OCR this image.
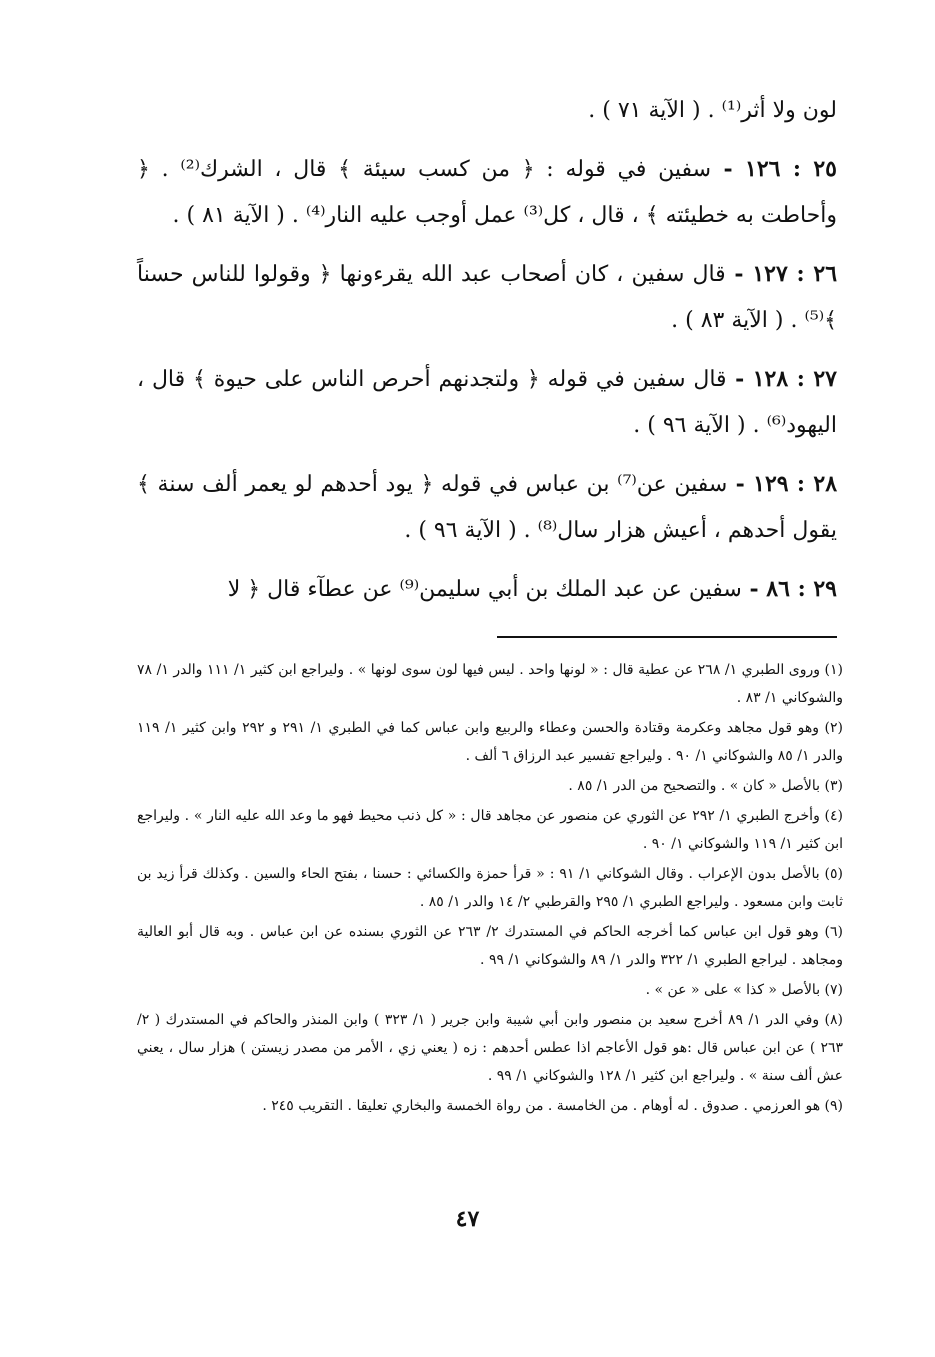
لون ولا أثر⁽¹⁾ . ( الآية ٧١ ) .

٢٥ : ١٢٦ - سفين في قوله : ﴿ من كسب سيئة ﴾ قال ، الشرك⁽²⁾ . ﴿ وأحاطت به خطيئته ﴾ ، قال ، كل⁽³⁾ عمل أوجب عليه النار⁽⁴⁾ . ( الآية ٨١ ) .

٢٦ : ١٢٧ - قال سفين ، كان أصحاب عبد الله يقرءونها ﴿ وقولوا للناس حسناً ﴾⁽⁵⁾ . ( الآية ٨٣ ) .

٢٧ : ١٢٨ - قال سفين في قوله ﴿ ولتجدنهم أحرص الناس على حيوة ﴾ قال ، اليهود⁽⁶⁾ . ( الآية ٩٦ ) .

٢٨ : ١٢٩ - سفين عن⁽⁷⁾ بن عباس في قوله ﴿ يود أحدهم لو يعمر ألف سنة ﴾ يقول أحدهم ، أعيش هزار سال⁽⁸⁾ . ( الآية ٩٦ ) .

٢٩ : ٨٦ - سفين عن عبد الملك بن أبي سليمن⁽⁹⁾ عن عطآء قال ﴿ لا

(١) وروى الطبري ١/ ٢٦٨ عن عطية قال : « لونها واحد . ليس فيها لون سوى لونها » . وليراجع ابن كثير ١/ ١١١ والدر ١/ ٧٨ والشوكاني ١/ ٨٣ .

(٢) وهو قول مجاهد وعكرمة وقتادة والحسن وعطاء والربيع وابن عباس كما في الطبري ١/ ٢٩١ و ٢٩٢ وابن كثير ١/ ١١٩ والدر ١/ ٨٥ والشوكاني ١/ ٩٠ . وليراجع تفسير عبد الرزاق ٦ ألف .

(٣) بالأصل « كان » . والتصحيح من الدر ١/ ٨٥ .

(٤) وأخرج الطبري ١/ ٢٩٢ عن الثوري عن منصور عن مجاهد قال : « كل ذنب محيط فهو ما وعد الله عليه النار » . وليراجع ابن كثير ١/ ١١٩ والشوكاني ١/ ٩٠ .

(٥) بالأصل بدون الإعراب . وقال الشوكاني ١/ ٩١ : « قرأ حمزة والكسائي : حسنا ، بفتح الحاء والسين . وكذلك قرأ زيد بن ثابت وابن مسعود . وليراجع الطبري ١/ ٢٩٥ والقرطبي ٢/ ١٤ والدر ١/ ٨٥ .

(٦) وهو قول ابن عباس كما أخرجه الحاكم في المستدرك ٢/ ٢٦٣ عن الثوري بسنده عن ابن عباس . وبه قال أبو العالية ومجاهد . ليراجع الطبري ١/ ٣٢٢ والدر ١/ ٨٩ والشوكاني ١/ ٩٩ .

(٧) بالأصل « كذا » على « عن » .

(٨) وفي الدر ١/ ٨٩ أخرج سعيد بن منصور وابن أبي شيبة وابن جرير ( ١/ ٣٢٣ ) وابن المنذر والحاكم في المستدرك ( ٢/ ٢٦٣ ) عن ابن عباس قال :هو قول الأعاجم اذا عطس أحدهم : زه ( يعني زي ، الأمر من مصدر زيستن ) هزار سال ، يعني عش ألف سنة » . وليراجع ابن كثير ١/ ١٢٨ والشوكاني ١/ ٩٩ .

(٩) هو العرزمي . صدوق . له أوهام . من الخامسة . من رواة الخمسة والبخاري تعليقا . التقريب ٢٤٥ .

٤٧
